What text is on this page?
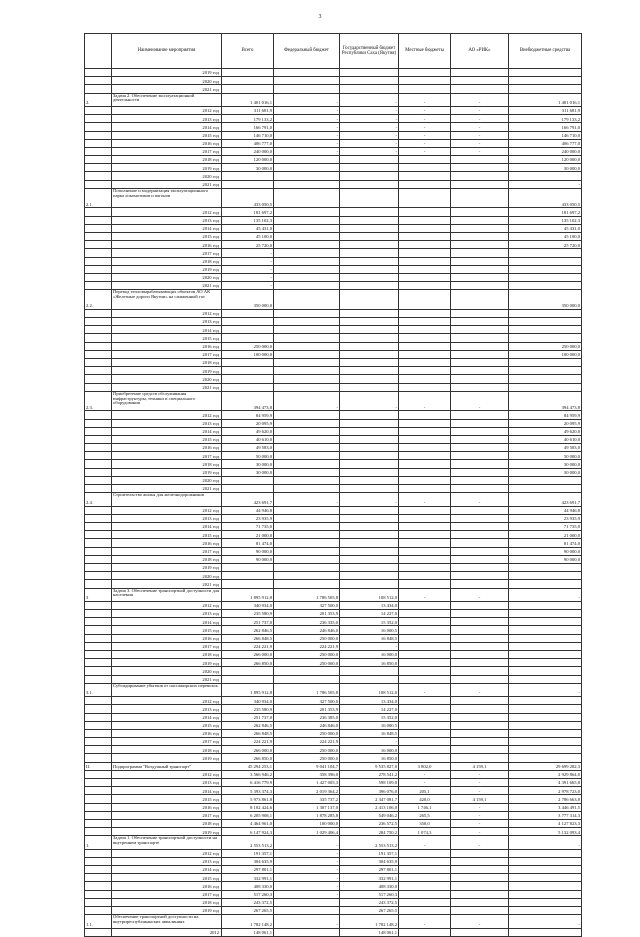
3
	Наименование мероприятия	Всего	Федеральный бюджет	Государственный бюджет Республики Саха (Якутия)	Местные бюджеты	АО «РИК»	Внебюджетные средства
	2019 год						
	2020 год						
	2021 год						
2.	Задача 2. Обеспечение эксплуатационной деятельности	1 401 016,1	-	-	-	-	1 401 016,1
	2012 год	311 681,9	-	-	-	-	311 681,9
	2013 год	179 133,2	-	-	-	-	179 133,2
	2014 год	166 791,0	-	-	-	-	166 791,0
	2015 год	146 710,0	-	-	-	-	146 710,0
	2016 год	406 777,0	-	-	-	-	406 777,0
	2017 год	240 000,0	-	-	-	-	240 000,0
	2018 год	120 000,0					120 000,0
	2019 год	30 000,0					30 000,0
	2020 год						
	2021 год						-
2.1.	Пополнение и модернизация эксплуатационного парка локомотивов и вагонов	433 050,5					433 050,5
	2012 год	181 697,2					181 697,2
	2013 год	135 102,3					135 102,3
	2014 год	45 431,0					45 431,0
	2015 год	45 100,0					45 100,0
	2016 год	25 720,0					25 720,0
	2017 год	-					
	2018 год	-					
	2019 год	-					
	2020 год	-					
	2021 год	-					
2.2.	Перевод тепловырабатывающих объектов АО АК «Железные дороги Якутии» на сжиженный газ	350 000,0					350 000,0
	2012 год						
	2013 год						
	2014 год						
	2015 год						
	2016 год	250 000,0					250 000,0
	2017 год	100 000,0					100 000,0
	2018 год						
	2019 год						
	2020 год						
	2021 год						
2.3.	Приобретение средств обслуживания инфраструктуры, техники и специального оборудования	394 473,8	-	-	-	-	394 473,8
	2012 год	84 959,9					84 959,9
	2013 год	20 095,9					20 095,9
	2014 год	49 620,0					49 620,0
	2015 год	40 610,0					40 610,0
	2016 год	49 583,0					49 583,0
	2017 год	50 000,0					50 000,0
	2018 год	30 000,0					30 000,0
	2019 год	30 000,0					30 000,0
	2020 год						
	2021 год						
2.4.	Строительство жилья для железнодорожников	423 691,7	-	-	-	-	423 691,7
	2012 год	44 946,8					44 946,8
	2013 год	23 935,9					23 935,9
	2014 год	71 735,0					71 735,0
	2015 год	21 000,0					21 000,0
	2016 год	81 474,0					81 474,0
	2017 год	90 000,0					90 000,0
	2018 год	90 000,0					90 000,0
	2019 год						
	2020 год						
	2021 год						
3	Задача 3. Обеспечение транспортной доступности для населения	1 895 912,8	1 786 505,8	108 512,0	-	-	-
	2012 год	340 934,0	327 500,0	13 434,0			
	2013 год	235 580,9	201 353,9	14 227,0			
	2014 год	251 737,0	236 335,0	15 352,0			
	2015 год	262 846,5	246 846,0	16 000,5			
	2016 год	266 848,5	250 000,0	16 848,5			
	2017 год	224 221,9	224 221,9	-			
	2018 год	266 000,0	250 000,0	16 000,0			
	2019 год	266 850,0	250 000,0	16 850,0			
	2020 год						
	2021 год						
3.1.	Субсидирование убытков от пассажирских перевозок	1 895 912,8	1 786 505,8	108 512,0	-	-	-
	2012 год	340 934,0	327 500,0	13 434,0			
	2013 год	235 580,9	201 353,9	14 227,0			
	2014 год	251 737,0	236 385,0	15 352,0			
	2015 год	262 846,5	246 846,0	16 000,5			
	2016 год	266 848,5	250 000,0	16 848,5			
	2017 год	224 221,9	224 221,9	-			
	2018 год	266 000,0	250 000,0	16 000,0			
	2019 год	266 850,0	250 000,0	16 850,0			
II.	Подпрограмма "Воздушный транспорт"	45 294 253,1	9 041 104,7	9 535 827,0	3 802,0	4 159,1	29 699 282,3
	2012 год	3 566 946,2	358 396,0	278 541,2	-	-	2 929 864,0
	2013 год	6 416 779,9	1 427 005,3	598 109,0	-	-	4 391 665,8
	2014 год	5 393 374,3	2 019 364,2	396 076,0	205,1	-	2 978 723,0
	2015 год	5 973 861,8	335 737,2	2 347 081,7	420,0	4 159,1	2 786 663,8
	2016 год	8 102 424,6	1 307 137,0	2 413 106,0	1 746,1	-	3 446 491,5
	2017 год	6 205 908,1	1 878 285,8	549 046,2	265,5	-	3 777 314,3
	2018 год	4 464 961,0	100 000,0	236 572,5	350,0	-	4 127 823,3
	2019 год	6 147 924,3	1 029 406,4	284 750,2	1 074,3	-	5 132 093,4
1.	Задача 1. Обеспечение транспортной доступности на внутреннем транспорте	2 553 513,2	-	2 553 513,2	-	-	-
	2012 год	191 357,1	-	191 357,1			
	2013 год	304 635,9	-	304 635,9			
	2014 год	297 801,1	-	297 801,1			
	2015 год	332 991,1	-	332 991,1			
	2016 год	408 330,0	-	408 330,0			
	2017 год	517 260,3	-	517 260,3			
	2018 год	243 372,5		243 372,5			
	2019 год	267 265,5		267 265,5			
1.1.	Обеспечение транспортной доступности на внутриреспубликанских авиалиниях	1 782 148,2	-	1 782 148,2	-	-	-
	2012	148 061,1		148 061,1			
